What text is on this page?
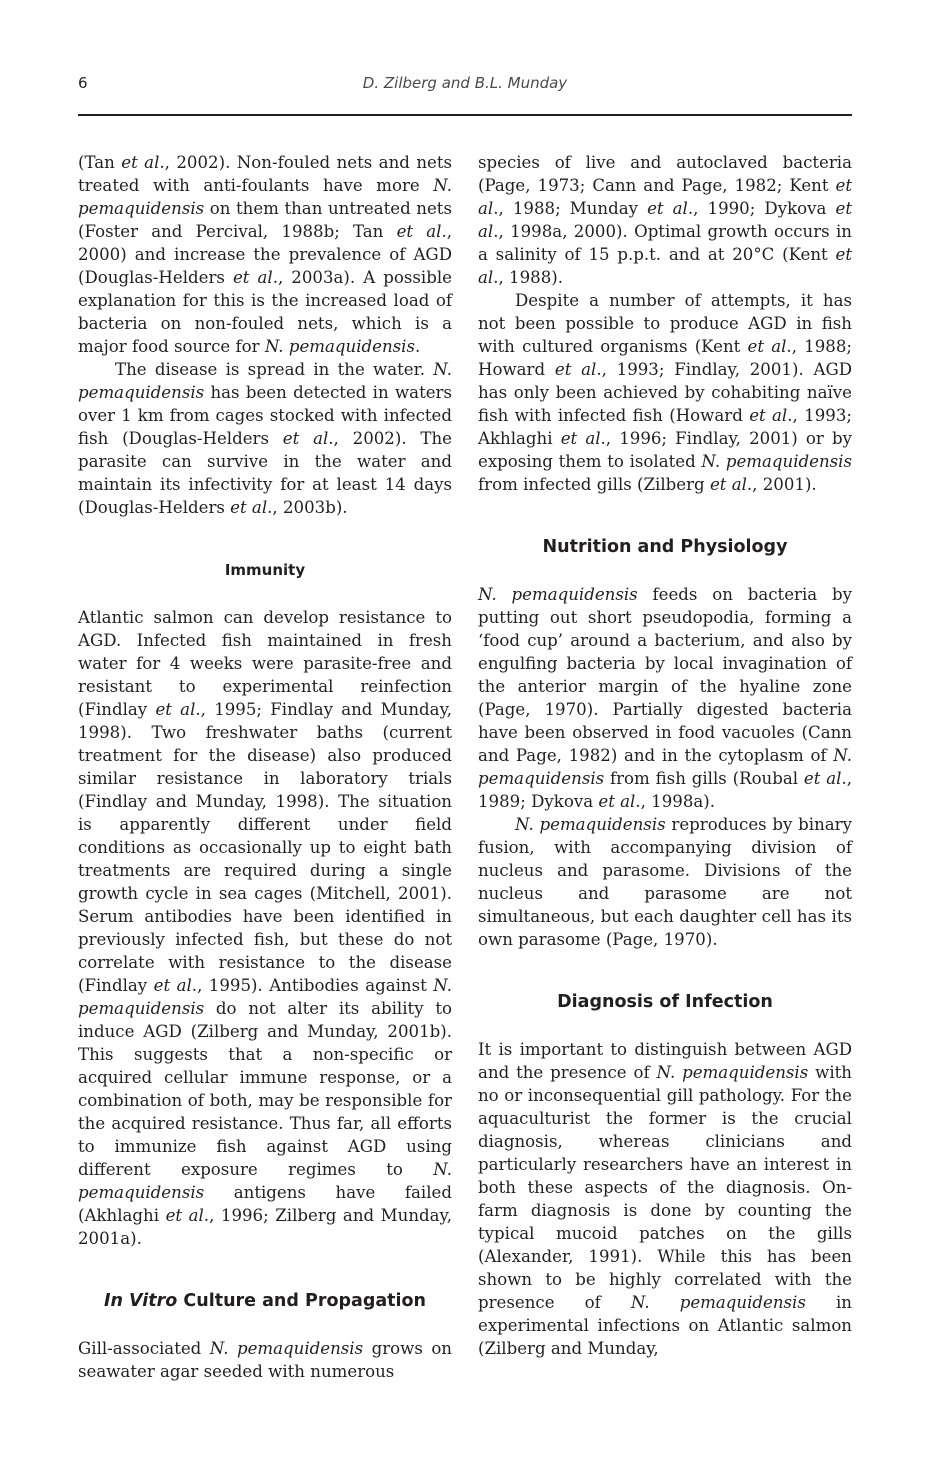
6	D. Zilberg and B.L. Munday

(Tan et al., 2002). Non-fouled nets and nets treated with anti-foulants have more N. pemaquidensis on them than untreated nets (Foster and Percival, 1988b; Tan et al., 2000) and increase the prevalence of AGD (Douglas-Helders et al., 2003a). A possible explanation for this is the increased load of bacteria on non-fouled nets, which is a major food source for N. pemaquidensis.

The disease is spread in the water. N. pemaquidensis has been detected in waters over 1 km from cages stocked with infected fish (Douglas-Helders et al., 2002). The parasite can survive in the water and maintain its infectivity for at least 14 days (Douglas-Helders et al., 2003b).

Immunity

Atlantic salmon can develop resistance to AGD. Infected fish maintained in fresh water for 4 weeks were parasite-free and resistant to experimental reinfection (Findlay et al., 1995; Findlay and Munday, 1998). Two freshwater baths (current treatment for the disease) also produced similar resistance in laboratory trials (Findlay and Munday, 1998). The situation is apparently different under field conditions as occasionally up to eight bath treatments are required during a single growth cycle in sea cages (Mitchell, 2001). Serum antibodies have been identified in previously infected fish, but these do not correlate with resistance to the disease (Findlay et al., 1995). Antibodies against N. pemaquidensis do not alter its ability to induce AGD (Zilberg and Munday, 2001b). This suggests that a non-specific or acquired cellular immune response, or a combination of both, may be responsible for the acquired resistance. Thus far, all efforts to immunize fish against AGD using different exposure regimes to N. pemaquidensis antigens have failed (Akhlaghi et al., 1996; Zilberg and Munday, 2001a).

In Vitro Culture and Propagation

Gill-associated N. pemaquidensis grows on seawater agar seeded with numerous

species of live and autoclaved bacteria (Page, 1973; Cann and Page, 1982; Kent et al., 1988; Munday et al., 1990; Dykova et al., 1998a, 2000). Optimal growth occurs in a salinity of 15 p.p.t. and at 20°C (Kent et al., 1988).

Despite a number of attempts, it has not been possible to produce AGD in fish with cultured organisms (Kent et al., 1988; Howard et al., 1993; Findlay, 2001). AGD has only been achieved by cohabiting naïve fish with infected fish (Howard et al., 1993; Akhlaghi et al., 1996; Findlay, 2001) or by exposing them to isolated N. pemaquidensis from infected gills (Zilberg et al., 2001).

Nutrition and Physiology

N. pemaquidensis feeds on bacteria by putting out short pseudopodia, forming a ‘food cup’ around a bacterium, and also by engulfing bacteria by local invagination of the anterior margin of the hyaline zone (Page, 1970). Partially digested bacteria have been observed in food vacuoles (Cann and Page, 1982) and in the cytoplasm of N. pemaquidensis from fish gills (Roubal et al., 1989; Dykova et al., 1998a).

N. pemaquidensis reproduces by binary fusion, with accompanying division of nucleus and parasome. Divisions of the nucleus and parasome are not simultaneous, but each daughter cell has its own parasome (Page, 1970).

Diagnosis of Infection

It is important to distinguish between AGD and the presence of N. pemaquidensis with no or inconsequential gill pathology. For the aquaculturist the former is the crucial diagnosis, whereas clinicians and particularly researchers have an interest in both these aspects of the diagnosis. On-farm diagnosis is done by counting the typical mucoid patches on the gills (Alexander, 1991). While this has been shown to be highly correlated with the presence of N. pemaquidensis in experimental infections on Atlantic salmon (Zilberg and Munday,
